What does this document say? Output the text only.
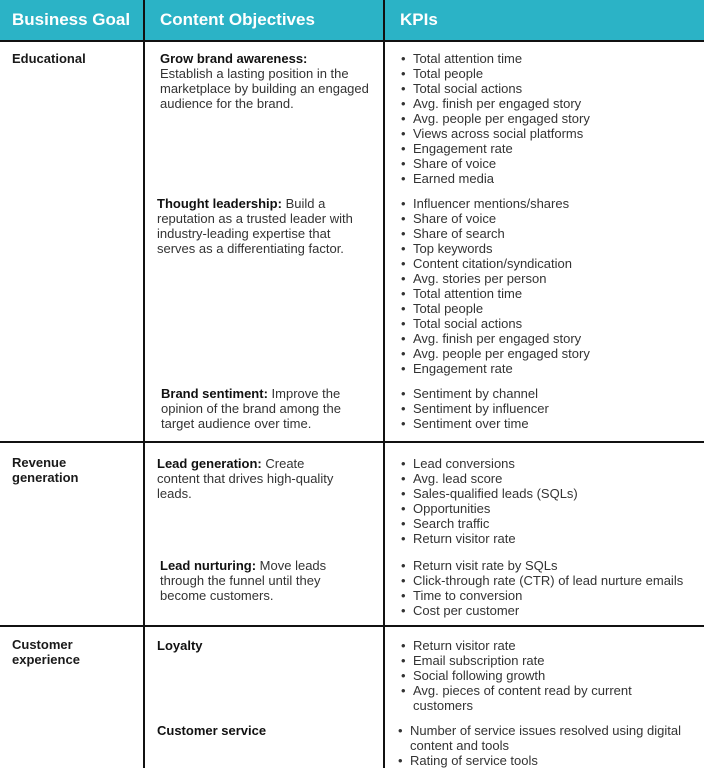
Business Goal Content Objectives	KPIs
Educational
Revenue generation
Customer experience
Grow brand awareness:
Establish a lasting position in the marketplace by building an engaged audience for the brand.
Thought leadership: Build a reputation as a trusted leader with industry-leading expertise that serves as a differentiating factor.
Brand sentiment: Improve the opinion of the brand among the target audience over time.
Lead generation: Create content that drives high-quality leads.
Lead nurturing: Move leads through the funnel until they become customers.
Loyalty
Customer service
• Total attention time
• Total people
• Total social actions
• Avg. finish per engaged story
• Avg. people per engaged story
• Views across social platforms
• Engagement rate
• Share of voice
• Earned media
• Influencer mentions/shares
• Share of voice
• Share of search
• Top keywords
• Content citation/syndication
• Avg. stories per person
• Total attention time
• Total people
• Total social actions
• Avg. finish per engaged story
• Avg. people per engaged story
• Engagement rate
• Sentiment by channel
• Sentiment by influencer
• Sentiment over time
• Lead conversions
• Avg. lead score
• Sales-qualified leads (SQLs)
• Opportunities
• Search traffic
• Return visitor rate
• Return visit rate by SQLs
• Click-through rate (CTR) of lead nurture emails
• Time to conversion
• Cost per customer
• Return visitor rate
• Email subscription rate
• Social following growth
• Avg. pieces of content read by current customers
• Number of service issues resolved using digital content and tools
• Rating of service tools
